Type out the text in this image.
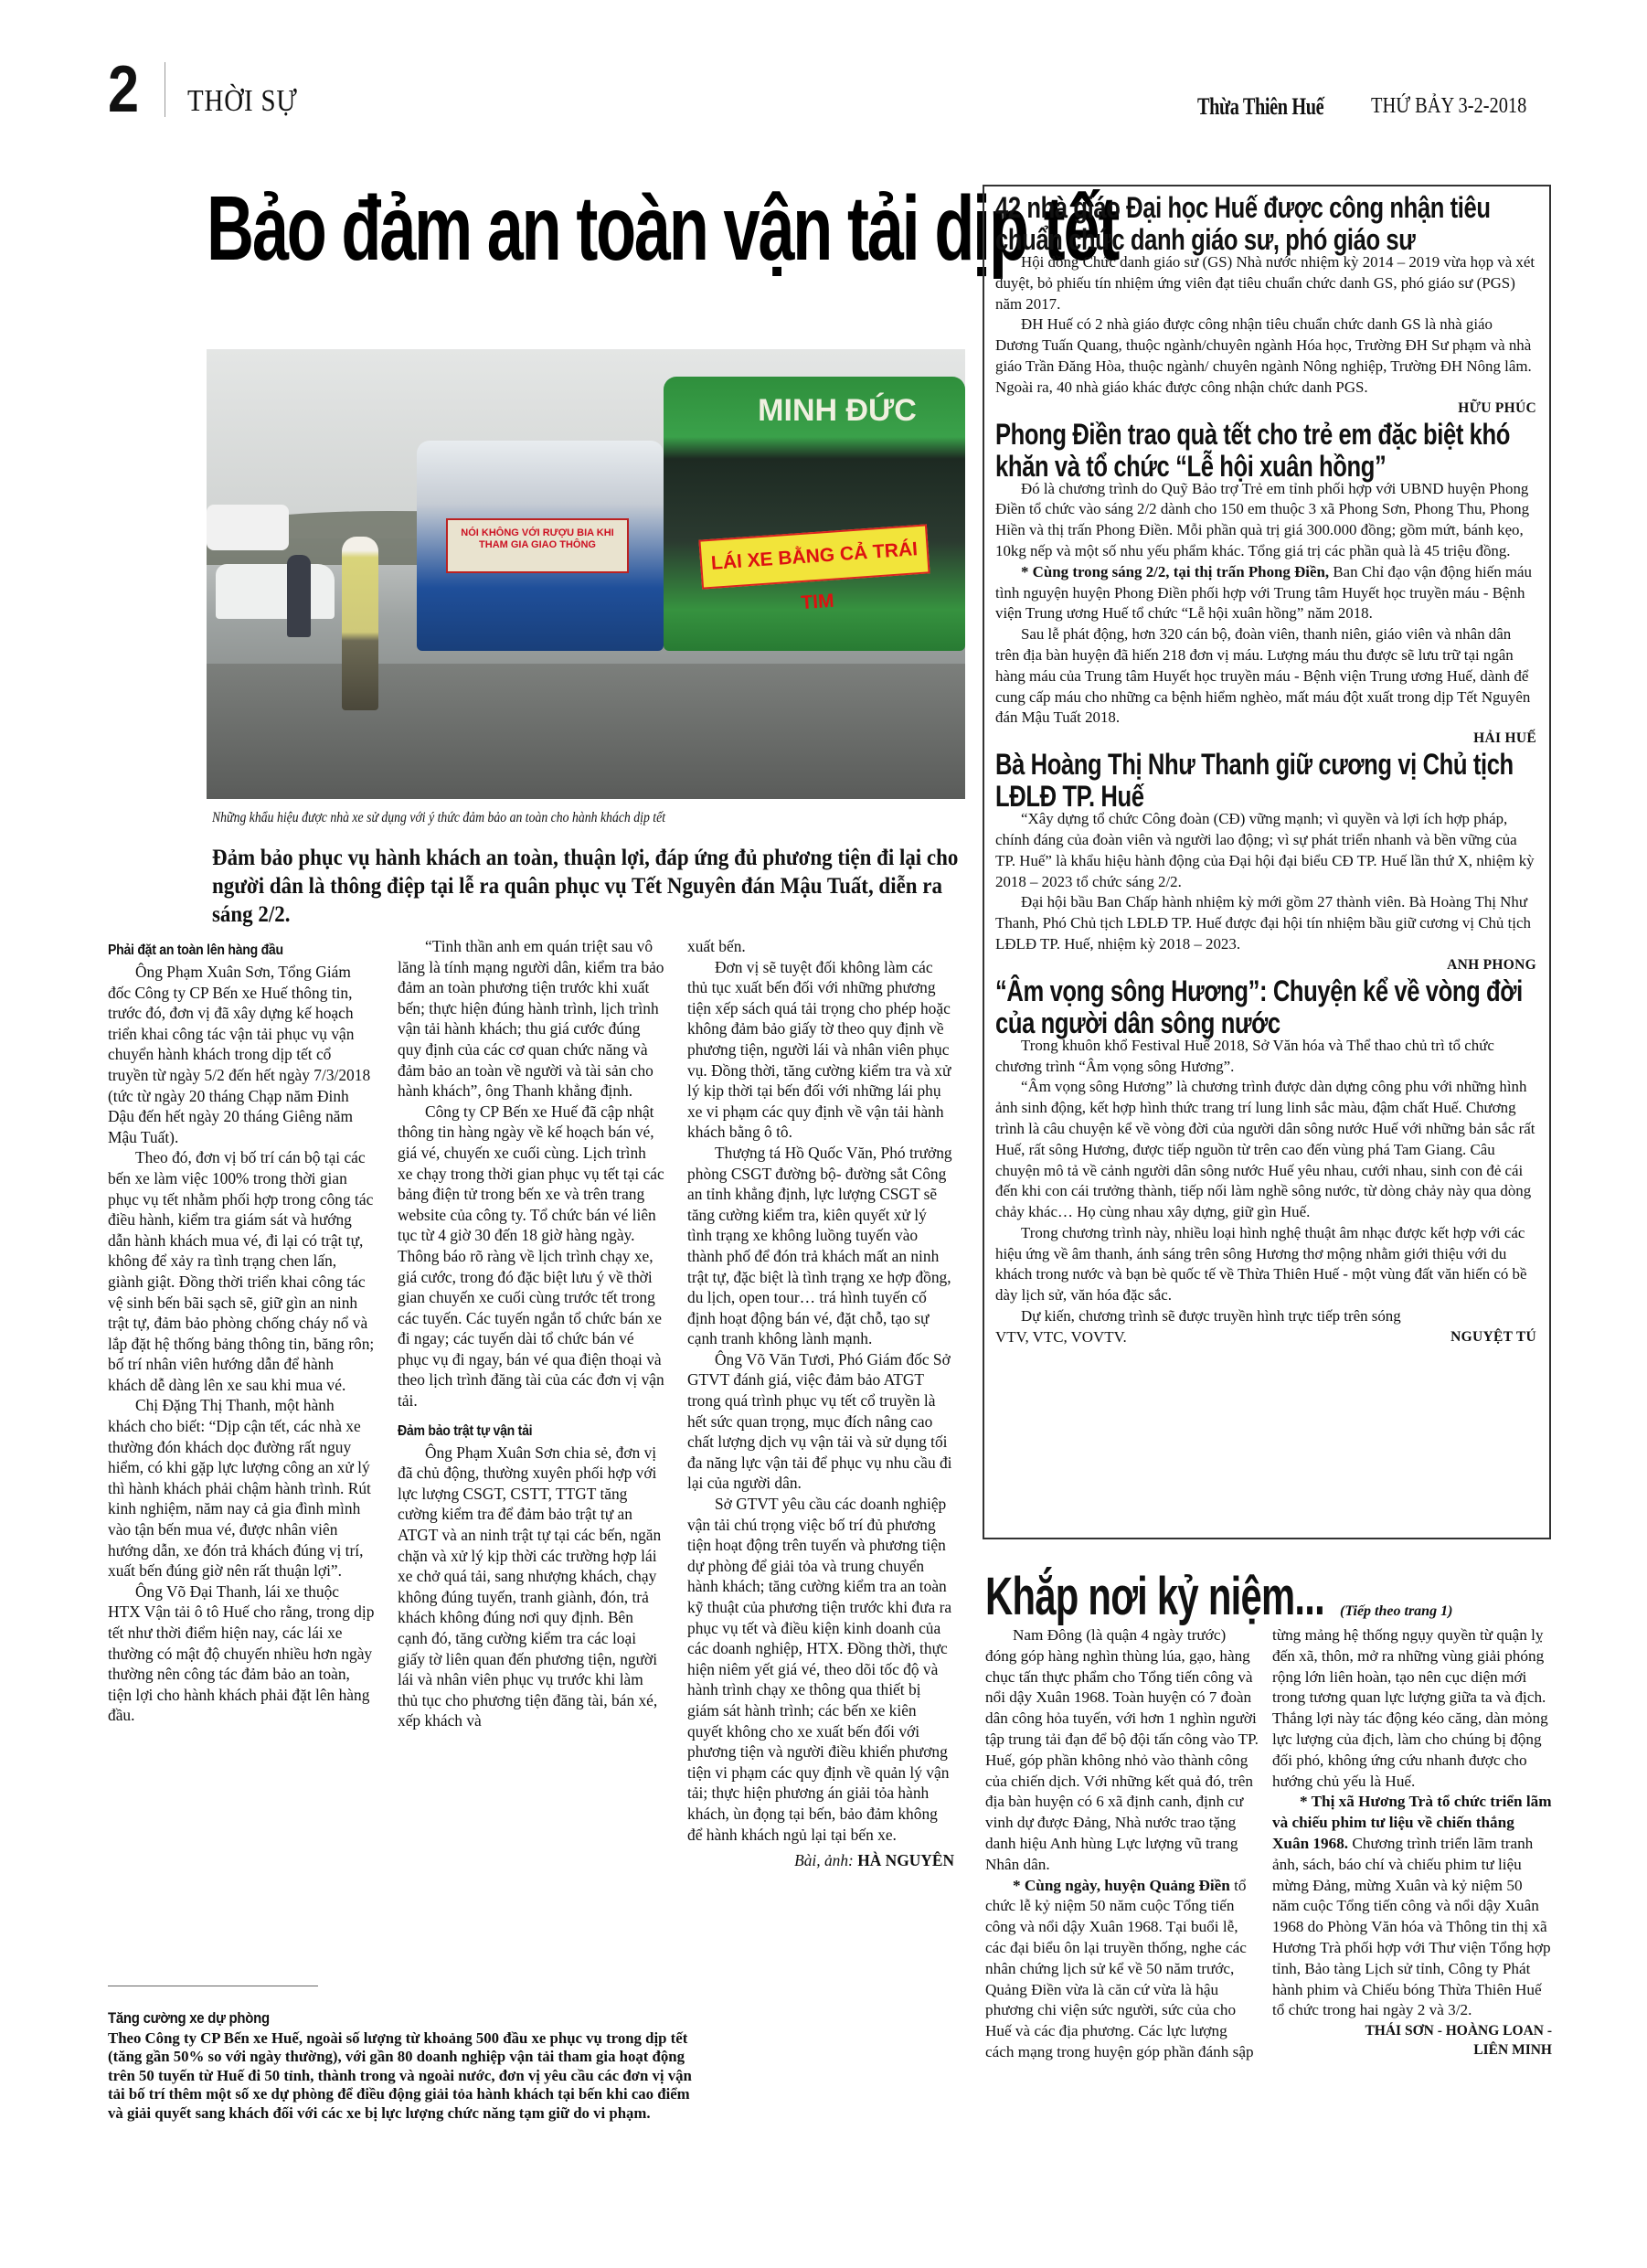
2 THỜI SỰ	Thừa Thiên Huế THỨ BẢY 3-2-2018
Bảo đảm an toàn vận tải dịp tết
MINH ĐỨC
NÓI KHÔNG VỚI RƯỢU BIA KHI THAM GIA GIAO THÔNG	LÁI XE BẰNG CẢ TRÁI TIM
Những khẩu hiệu được nhà xe sử dụng với ý thức đảm bảo an toàn cho hành khách dịp tết
Đảm bảo phục vụ hành khách an toàn, thuận lợi, đáp ứng đủ phương tiện đi lại cho người dân là thông điệp tại lễ ra quân phục vụ Tết Nguyên đán Mậu Tuất, diễn ra sáng 2/2.
Phải đặt an toàn lên hàng đầu

Ông Phạm Xuân Sơn, Tổng Giám đốc Công ty CP Bến xe Huế thông tin, trước đó, đơn vị đã xây dựng kế hoạch triển khai công tác vận tải phục vụ vận chuyển hành khách trong dịp tết cổ truyền từ ngày 5/2 đến hết ngày 7/3/2018 (tức từ ngày 20 tháng Chạp năm Đinh Dậu đến hết ngày 20 tháng Giêng năm Mậu Tuất).

Theo đó, đơn vị bố trí cán bộ tại các bến xe làm việc 100% trong thời gian phục vụ tết nhằm phối hợp trong công tác điều hành, kiểm tra giám sát và hướng dẫn hành khách mua vé, đi lại có trật tự, không để xảy ra tình trạng chen lấn, giành giật. Đồng thời triển khai công tác vệ sinh bến bãi sạch sẽ, giữ gìn an ninh trật tự, đảm bảo phòng chống cháy nổ và lắp đặt hệ thống bảng thông tin, băng rôn; bố trí nhân viên hướng dẫn để hành khách dễ dàng lên xe sau khi mua vé.

Chị Đặng Thị Thanh, một hành khách cho biết: “Dịp cận tết, các nhà xe thường đón khách dọc đường rất nguy hiểm, có khi gặp lực lượng công an xử lý thì hành khách phải chậm hành trình. Rút kinh nghiệm, năm nay cả gia đình mình vào tận bến mua vé, được nhân viên hướng dẫn, xe đón trả khách đúng vị trí, xuất bến đúng giờ nên rất thuận lợi”.

Ông Võ Đại Thanh, lái xe thuộc HTX Vận tải ô tô Huế cho rằng, trong dịp tết như thời điểm hiện nay, các lái xe thường có mật độ chuyến nhiều hơn ngày thường nên công tác đảm bảo an toàn, tiện lợi cho hành khách phải đặt lên hàng đầu.

“Tinh thần anh em quán triệt sau vô lăng là tính mạng người dân, kiểm tra bảo đảm an toàn phương tiện trước khi xuất bến; thực hiện đúng hành trình, lịch trình vận tải hành khách; thu giá cước đúng quy định của các cơ quan chức năng và đảm bảo an toàn về người và tài sản cho hành khách”, ông Thanh khẳng định.

Công ty CP Bến xe Huế đã cập nhật thông tin hàng ngày về kế hoạch bán vé, giá vé, chuyến xe cuối cùng. Lịch trình xe chạy trong thời gian phục vụ tết tại các bảng điện tử trong bến xe và trên trang website của công ty. Tổ chức bán vé liên tục từ 4 giờ 30 đến 18 giờ hàng ngày. Thông báo rõ ràng về lịch trình chạy xe, giá cước, trong đó đặc biệt lưu ý về thời gian chuyến xe cuối cùng trước tết trong các tuyến. Các tuyến ngắn tổ chức bán xe đi ngay; các tuyến dài tổ chức bán vé phục vụ đi ngay, bán vé qua điện thoại và theo lịch trình đăng tài của các đơn vị vận tải.

Đảm bảo trật tự vận tải

Ông Phạm Xuân Sơn chia sẻ, đơn vị đã chủ động, thường xuyên phối hợp với lực lượng CSGT, CSTT, TTGT tăng cường kiểm tra để đảm bảo trật tự an ATGT và an ninh trật tự tại các bến, ngăn chặn và xử lý kịp thời các trường hợp lái xe chở quá tải, sang nhượng khách, chạy không đúng tuyến, tranh giành, đón, trả khách không đúng nơi quy định. Bên cạnh đó, tăng cường kiểm tra các loại giấy tờ liên quan đến phương tiện, người lái và nhân viên phục vụ trước khi làm thủ tục cho phương tiện đăng tài, bán xé, xếp khách và

xuất bến.

Đơn vị sẽ tuyệt đối không làm các thủ tục xuất bến đối với những phương tiện xếp sách quá tải trọng cho phép hoặc không đảm bảo giấy tờ theo quy định về phương tiện, người lái và nhân viên phục vụ. Đồng thời, tăng cường kiểm tra và xử lý kịp thời tại bến đối với những lái phụ xe vi phạm các quy định về vận tải hành khách bằng ô tô.

Thượng tá Hồ Quốc Văn, Phó trưởng phòng CSGT đường bộ- đường sắt Công an tỉnh khẳng định, lực lượng CSGT sẽ tăng cường kiểm tra, kiên quyết xử lý tình trạng xe không luồng tuyến vào thành phố để đón trả khách mất an ninh trật tự, đặc biệt là tình trạng xe hợp đồng, du lịch, open tour… trá hình tuyến cố định hoạt động bán vé, đặt chỗ, tạo sự cạnh tranh không lành mạnh.

Ông Võ Văn Tươi, Phó Giám đốc Sở GTVT đánh giá, việc đảm bảo ATGT trong quá trình phục vụ tết cổ truyền là hết sức quan trọng, mục đích nâng cao chất lượng dịch vụ vận tải và sử dụng tối đa năng lực vận tải để phục vụ nhu cầu đi lại của người dân.

Sở GTVT yêu cầu các doanh nghiệp vận tải chú trọng việc bố trí đủ phương tiện hoạt động trên tuyến và phương tiện dự phòng để giải tỏa và trung chuyển hành khách; tăng cường kiểm tra an toàn kỹ thuật của phương tiện trước khi đưa ra phục vụ tết và điều kiện kinh doanh của các doanh nghiệp, HTX. Đồng thời, thực hiện niêm yết giá vé, theo dõi tốc độ và hành trình chạy xe thông qua thiết bị giám sát hành trình; các bến xe kiên quyết không cho xe xuất bến đối với phương tiện và người điều khiển phương tiện vi phạm các quy định về quản lý vận tải; thực hiện phương án giải tỏa hành khách, ùn đọng tại bến, bảo đảm không để hành khách ngủ lại tại bến xe.

Bài, ảnh: HÀ NGUYÊN
Tăng cường xe dự phòng
Theo Công ty CP Bến xe Huế, ngoài số lượng từ khoảng 500 đầu xe phục vụ trong dịp tết (tăng gần 50% so với ngày thường), với gần 80 doanh nghiệp vận tải tham gia hoạt động trên 50 tuyến từ Huế đi 50 tỉnh, thành trong và ngoài nước, đơn vị yêu cầu các đơn vị vận tải bố trí thêm một số xe dự phòng để điều động giải tỏa hành khách tại bến khi cao điểm và giải quyết sang khách đối với các xe bị lực lượng chức năng tạm giữ do vi phạm.
42 nhà giáo Đại học Huế được công nhận tiêu chuẩn chức danh giáo sư, phó giáo sư

Hội đồng Chức danh giáo sư (GS) Nhà nước nhiệm kỳ 2014 – 2019 vừa họp và xét duyệt, bỏ phiếu tín nhiệm ứng viên đạt tiêu chuẩn chức danh GS, phó giáo sư (PGS) năm 2017.

ĐH Huế có 2 nhà giáo được công nhận tiêu chuẩn chức danh GS là nhà giáo Dương Tuấn Quang, thuộc ngành/chuyên ngành Hóa học, Trường ĐH Sư phạm và nhà giáo Trần Đăng Hòa, thuộc ngành/ chuyên ngành Nông nghiệp, Trường ĐH Nông lâm. Ngoài ra, 40 nhà giáo khác được công nhận chức danh PGS.

HỮU PHÚC
Phong Điền trao quà tết cho trẻ em đặc biệt khó khăn và tổ chức “Lễ hội xuân hồng”

Đó là chương trình do Quỹ Bảo trợ Trẻ em tỉnh phối hợp với UBND huyện Phong Điền tổ chức vào sáng 2/2 dành cho 150 em thuộc 3 xã Phong Sơn, Phong Thu, Phong Hiền và thị trấn Phong Điền. Mỗi phần quà trị giá 300.000 đồng; gồm mứt, bánh kẹo, 10kg nếp và một số nhu yếu phẩm khác. Tổng giá trị các phần quà là 45 triệu đồng.

* Cùng trong sáng 2/2, tại thị trấn Phong Điền, Ban Chỉ đạo vận động hiến máu tình nguyện huyện Phong Điền phối hợp với Trung tâm Huyết học truyền máu - Bệnh viện Trung ương Huế tổ chức “Lễ hội xuân hồng” năm 2018.

Sau lễ phát động, hơn 320 cán bộ, đoàn viên, thanh niên, giáo viên và nhân dân trên địa bàn huyện đã hiến 218 đơn vị máu. Lượng máu thu được sẽ lưu trữ tại ngân hàng máu của Trung tâm Huyết học truyền máu - Bệnh viện Trung ương Huế, dành để cung cấp máu cho những ca bệnh hiểm nghèo, mất máu đột xuất trong dịp Tết Nguyên đán Mậu Tuất 2018.

HẢI HUẾ
Bà Hoàng Thị Như Thanh giữ cương vị Chủ tịch LĐLĐ TP. Huế

“Xây dựng tổ chức Công đoàn (CĐ) vững mạnh; vì quyền và lợi ích hợp pháp, chính đáng của đoàn viên và người lao động; vì sự phát triển nhanh và bền vững của TP. Huế” là khẩu hiệu hành động của Đại hội đại biểu CĐ TP. Huế lần thứ X, nhiệm kỳ 2018 – 2023 tổ chức sáng 2/2.

Đại hội bầu Ban Chấp hành nhiệm kỳ mới gồm 27 thành viên. Bà Hoàng Thị Như Thanh, Phó Chủ tịch LĐLĐ TP. Huế được đại hội tín nhiệm bầu giữ cương vị Chủ tịch LĐLĐ TP. Huế, nhiệm kỳ 2018 – 2023.

ANH PHONG
“Âm vọng sông Hương”: Chuyện kể về vòng đời của người dân sông nước

Trong khuôn khổ Festival Huế 2018, Sở Văn hóa và Thể thao chủ trì tổ chức chương trình “Âm vọng sông Hương”.

“Âm vọng sông Hương” là chương trình được dàn dựng công phu với những hình ảnh sinh động, kết hợp hình thức trang trí lung linh sắc màu, đậm chất Huế. Chương trình là câu chuyện kể về vòng đời của người dân sông nước Huế với những bản sắc rất Huế, rất sông Hương, được tiếp nguồn từ trên cao đến vùng phá Tam Giang. Câu chuyện mô tả về cảnh người dân sông nước Huế yêu nhau, cưới nhau, sinh con đẻ cái đến khi con cái trưởng thành, tiếp nối làm nghề sông nước, từ dòng chảy này qua dòng chảy khác… Họ cùng nhau xây dựng, giữ gìn Huế.

Trong chương trình này, nhiều loại hình nghệ thuật âm nhạc được kết hợp với các hiệu ứng về âm thanh, ánh sáng trên sông Hương thơ mộng nhằm giới thiệu với du khách trong nước và bạn bè quốc tế về Thừa Thiên Huế - một vùng đất văn hiến có bề dày lịch sử, văn hóa đặc sắc.

Dự kiến, chương trình sẽ được truyền hình trực tiếp trên sóng

VTV, VTC, VOVTV.	NGUYỆT TÚ
Khắp nơi kỷ niệm... (Tiếp theo trang 1)

Nam Đông (là quận 4 ngày trước) đóng góp hàng nghìn thùng lúa, gạo, hàng chục tấn thực phẩm cho Tổng tiến công và nổi dậy Xuân 1968. Toàn huyện có 7 đoàn dân công hỏa tuyến, với hơn 1 nghìn người tập trung tải đạn để bộ đội tấn công vào TP. Huế, góp phần không nhỏ vào thành công của chiến dịch. Với những kết quả đó, trên địa bàn huyện có 6 xã định canh, định cư vinh dự được Đảng, Nhà nước trao tặng danh hiệu Anh hùng Lực lượng vũ trang Nhân dân.

* Cùng ngày, huyện Quảng Điền tổ chức lễ kỷ niệm 50 năm cuộc Tổng tiến công và nổi dậy Xuân 1968. Tại buổi lễ, các đại biểu ôn lại truyền thống, nghe các nhân chứng lịch sử kể về 50 năm trước, Quảng Điền vừa là căn cứ vừa là hậu phương chi viện sức người, sức của cho Huế và các địa phương. Các lực lượng cách mạng trong huyện góp phần đánh sập

từng mảng hệ thống ngụy quyền từ quận lỵ đến xã, thôn, mở ra những vùng giải phóng rộng lớn liên hoàn, tạo nên cục diện mới trong tương quan lực lượng giữa ta và địch. Thắng lợi này tác động kéo căng, dàn mỏng lực lượng của địch, làm cho chúng bị động đối phó, không ứng cứu nhanh được cho hướng chủ yếu là Huế.

* Thị xã Hương Trà tổ chức triển lãm và chiếu phim tư liệu về chiến thắng Xuân 1968. Chương trình triển lãm tranh ảnh, sách, báo chí và chiếu phim tư liệu mừng Đảng, mừng Xuân và kỷ niệm 50 năm cuộc Tổng tiến công và nổi dậy Xuân 1968 do Phòng Văn hóa và Thông tin thị xã Hương Trà phối hợp với Thư viện Tổng hợp tỉnh, Bảo tàng Lịch sử tỉnh, Công ty Phát hành phim và Chiếu bóng Thừa Thiên Huế tổ chức trong hai ngày 2 và 3/2.

THÁI SƠN - HOÀNG LOAN -
LIÊN MINH
